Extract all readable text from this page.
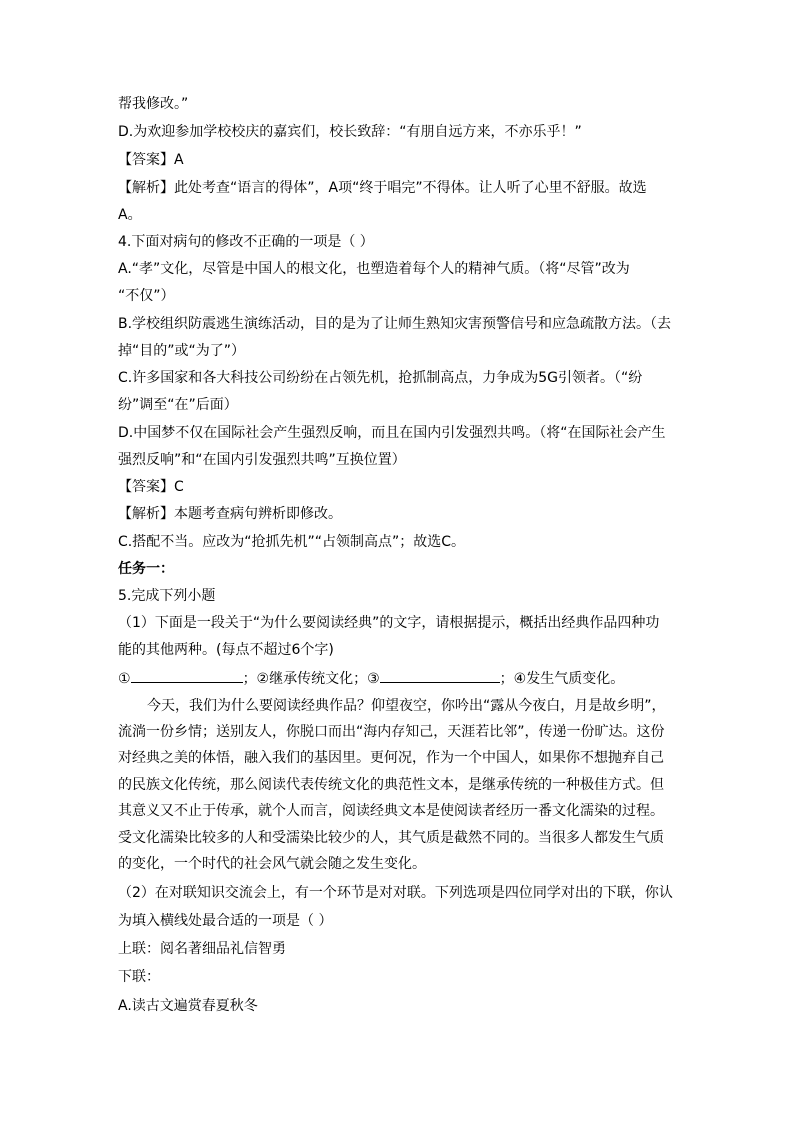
帮我修改。”
D.为欢迎参加学校校庆的嘉宾们，校长致辞：“有朋自远方来，不亦乐乎！”
【答案】A
【解析】此处考查“语言的得体”，A项“终于唱完”不得体。让人听了心里不舒服。故选
A。
4.下面对病句的修改不正确的一项是（ ）
A.“孝”文化，尽管是中国人的根文化，也塑造着每个人的精神气质。（将“尽管”改为
“不仅”）
B.学校组织防震逃生演练活动，目的是为了让师生熟知灾害预警信号和应急疏散方法。（去
掉“目的”或“为了”）
C.许多国家和各大科技公司纷纷在占领先机，抢抓制高点，力争成为5G引领者。（“纷
纷”调至“在”后面）
D.中国梦不仅在国际社会产生强烈反响，而且在国内引发强烈共鸣。（将“在国际社会产生
强烈反响”和“在国内引发强烈共鸣”互换位置）
【答案】C
【解析】本题考查病句辨析即修改。
C.搭配不当。应改为“抢抓先机”“占领制高点”；故选C。
任务一：
5.完成下列小题
（1）下面是一段关于“为什么要阅读经典”的文字，请根据提示，概括出经典作品四种功
能的其他两种。(每点不超过6个字)
①	；②继承传统文化；③	；④发生气质变化。
今天，我们为什么要阅读经典作品？仰望夜空，你吟出“露从今夜白，月是故乡明”，
流淌一份乡情；送别友人，你脱口而出“海内存知己，天涯若比邻”，传递一份旷达。这份
对经典之美的体悟，融入我们的基因里。更何况，作为一个中国人，如果你不想抛弃自己
的民族文化传统，那么阅读代表传统文化的典范性文本，是继承传统的一种极佳方式。但
其意义又不止于传承，就个人而言，阅读经典文本是使阅读者经历一番文化濡染的过程。
受文化濡染比较多的人和受濡染比较少的人，其气质是截然不同的。当很多人都发生气质
的变化，一个时代的社会风气就会随之发生变化。
（2）在对联知识交流会上，有一个环节是对对联。下列选项是四位同学对出的下联，你认
为填入横线处最合适的一项是（ ）
上联：阅名著细品礼信智勇
下联：
A.读古文遍赏春夏秋冬
